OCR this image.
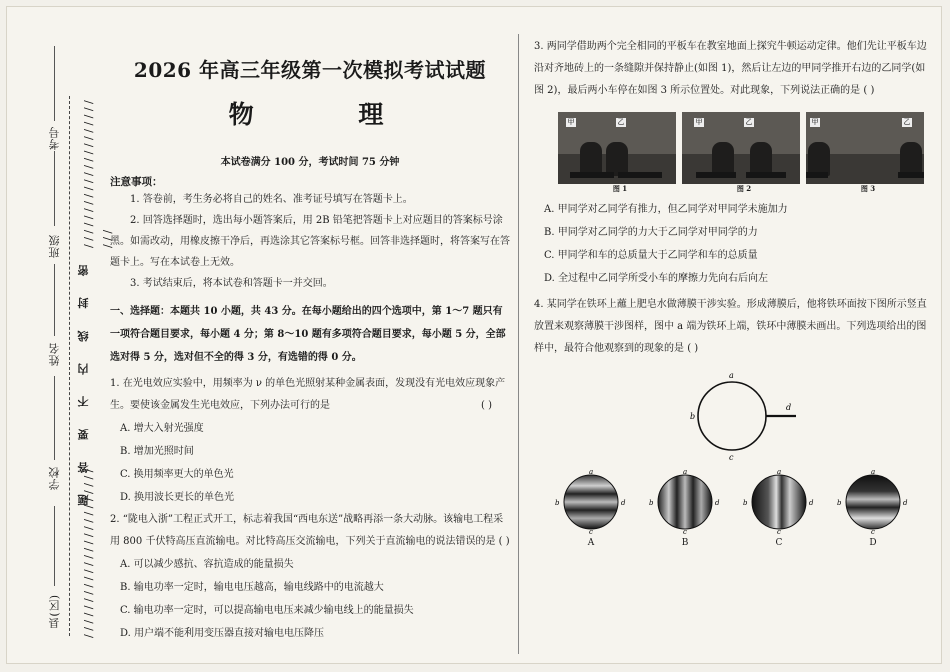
考号
班级
姓名
学校
县(区)
题 答 要 不 内 线 封 密
/ / / / / / / / / / / / / / / / / / / / / / / /
/ / / / / / / / / / / / / / / / / / / / / / / /
2026 年高三年级第一次模拟考试试题
物 理
本试卷满分 100 分，考试时间 75 分钟
注意事项：
1. 答卷前，考生务必将自己的姓名、准考证号填写在答题卡上。
2. 回答选择题时，选出每小题答案后，用 2B 铅笔把答题卡上对应题目的答案标号涂黑。如需改动，用橡皮擦干净后，再选涂其它答案标号框。回答非选择题时，将答案写在答题卡上。写在本试卷上无效。
3. 考试结束后，将本试卷和答题卡一并交回。
一、选择题：本题共 10 小题，共 43 分。在每小题给出的四个选项中，第 1～7 题只有一项符合题目要求，每小题 4 分；第 8～10 题有多项符合题目要求，每小题 5 分，全部选对得 5 分，选对但不全的得 3 分，有选错的得 0 分。
1. 在光电效应实验中，用频率为 ν 的单色光照射某种金属表面，发现没有光电效应现象产生。要使该金属发生光电效应，下列办法可行的是	( )
A. 增大入射光强度
B. 增加光照时间
C. 换用频率更大的单色光
D. 换用波长更长的单色光
2. “陇电入浙”工程正式开工，标志着我国“西电东送”战略再添一条大动脉。该输电工程采用 800 千伏特高压直流输电。对比特高压交流输电，下列关于直流输电的说法错误的是 ( )
A. 可以减少感抗、容抗造成的能量损失
B. 输电功率一定时，输电电压越高，输电线路中的电流越大
C. 输电功率一定时，可以提高输电电压来减少输电线上的能量损失
D. 用户端不能利用变压器直接对输电电压降压
3. 两同学借助两个完全相同的平板车在教室地面上探究牛顿运动定律。他们先让平板车边沿对齐地砖上的一条缝隙并保持静止(如图 1)，然后让左边的甲同学推开右边的乙同学(如图 2)，最后两小车停在如图 3 所示位置处。对此现象，下列说法正确的是 ( )
甲	乙	甲	乙	甲	乙
图 1	图 2	图 3
A. 甲同学对乙同学有推力，但乙同学对甲同学未施加力
B. 甲同学对乙同学的力大于乙同学对甲同学的力
C. 甲同学和车的总质量大于乙同学和车的总质量
D. 全过程中乙同学所受小车的摩擦力先向右后向左
4. 某同学在铁环上蘸上肥皂水做薄膜干涉实验。形成薄膜后，他将铁环面按下图所示竖直放置来观察薄膜干涉图样，图中 a 端为铁环上端，铁环中薄膜未画出。下列选项给出的图样中，最符合他观察到的现象的是 ( )
a
b
c
d
a
b
c
d
A
a
b
c
d
B
a
b
c
d
C
a
b
c
d
D
